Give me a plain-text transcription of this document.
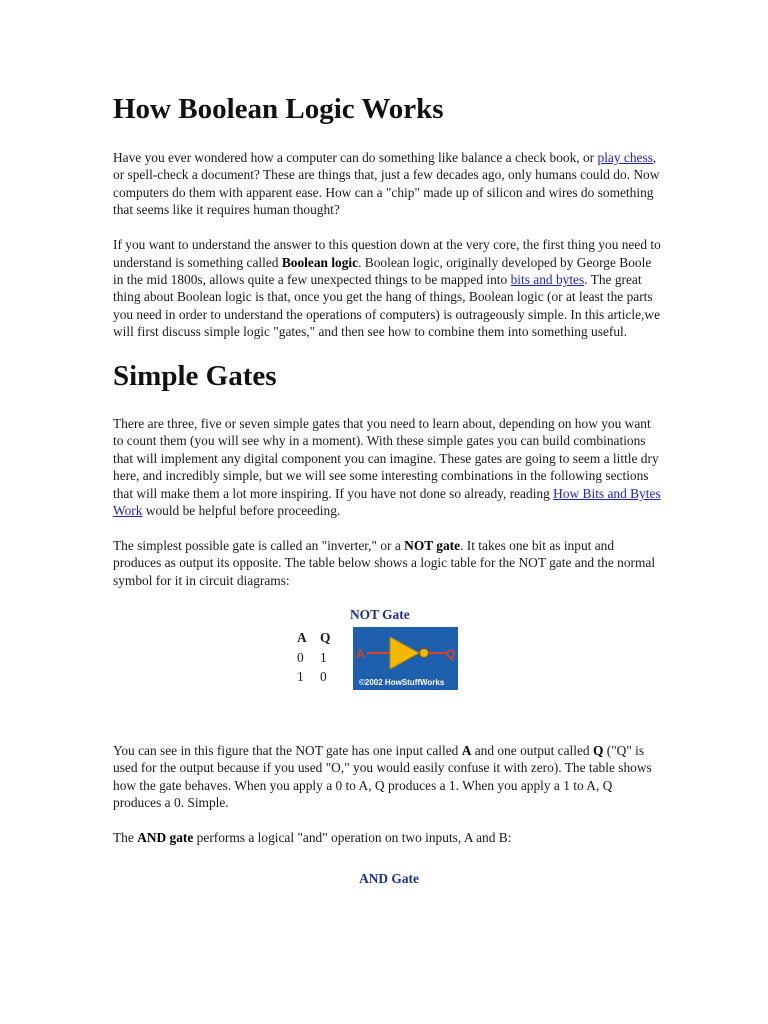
How Boolean Logic Works

Have you ever wondered how a computer can do something like balance a check book, or play chess, or spell-check a document? These are things that, just a few decades ago, only humans could do. Now computers do them with apparent ease. How can a "chip" made up of silicon and wires do something that seems like it requires human thought?

If you want to understand the answer to this question down at the very core, the first thing you need to understand is something called Boolean logic. Boolean logic, originally developed by George Boole in the mid 1800s, allows quite a few unexpected things to be mapped into bits and bytes. The great thing about Boolean logic is that, once you get the hang of things, Boolean logic (or at least the parts you need in order to understand the operations of computers) is outrageously simple. In this article,we will first discuss simple logic "gates," and then see how to combine them into something useful.

Simple Gates

There are three, five or seven simple gates that you need to learn about, depending on how you want to count them (you will see why in a moment). With these simple gates you can build combinations that will implement any digital component you can imagine. These gates are going to seem a little dry here, and incredibly simple, but we will see some interesting combinations in the following sections that will make them a lot more inspiring. If you have not done so already, reading How Bits and Bytes Work would be helpful before proceeding.

The simplest possible gate is called an "inverter," or a NOT gate. It takes one bit as input and produces as output its opposite. The table below shows a logic table for the NOT gate and the normal symbol for it in circuit diagrams:

NOT Gate
A	Q
0	1
1	0
A	Q
©2002 HowStuffWorks

You can see in this figure that the NOT gate has one input called A and one output called Q ("Q" is used for the output because if you used "O," you would easily confuse it with zero). The table shows how the gate behaves. When you apply a 0 to A, Q produces a 1. When you apply a 1 to A, Q produces a 0. Simple.

The AND gate performs a logical "and" operation on two inputs, A and B:

AND Gate
